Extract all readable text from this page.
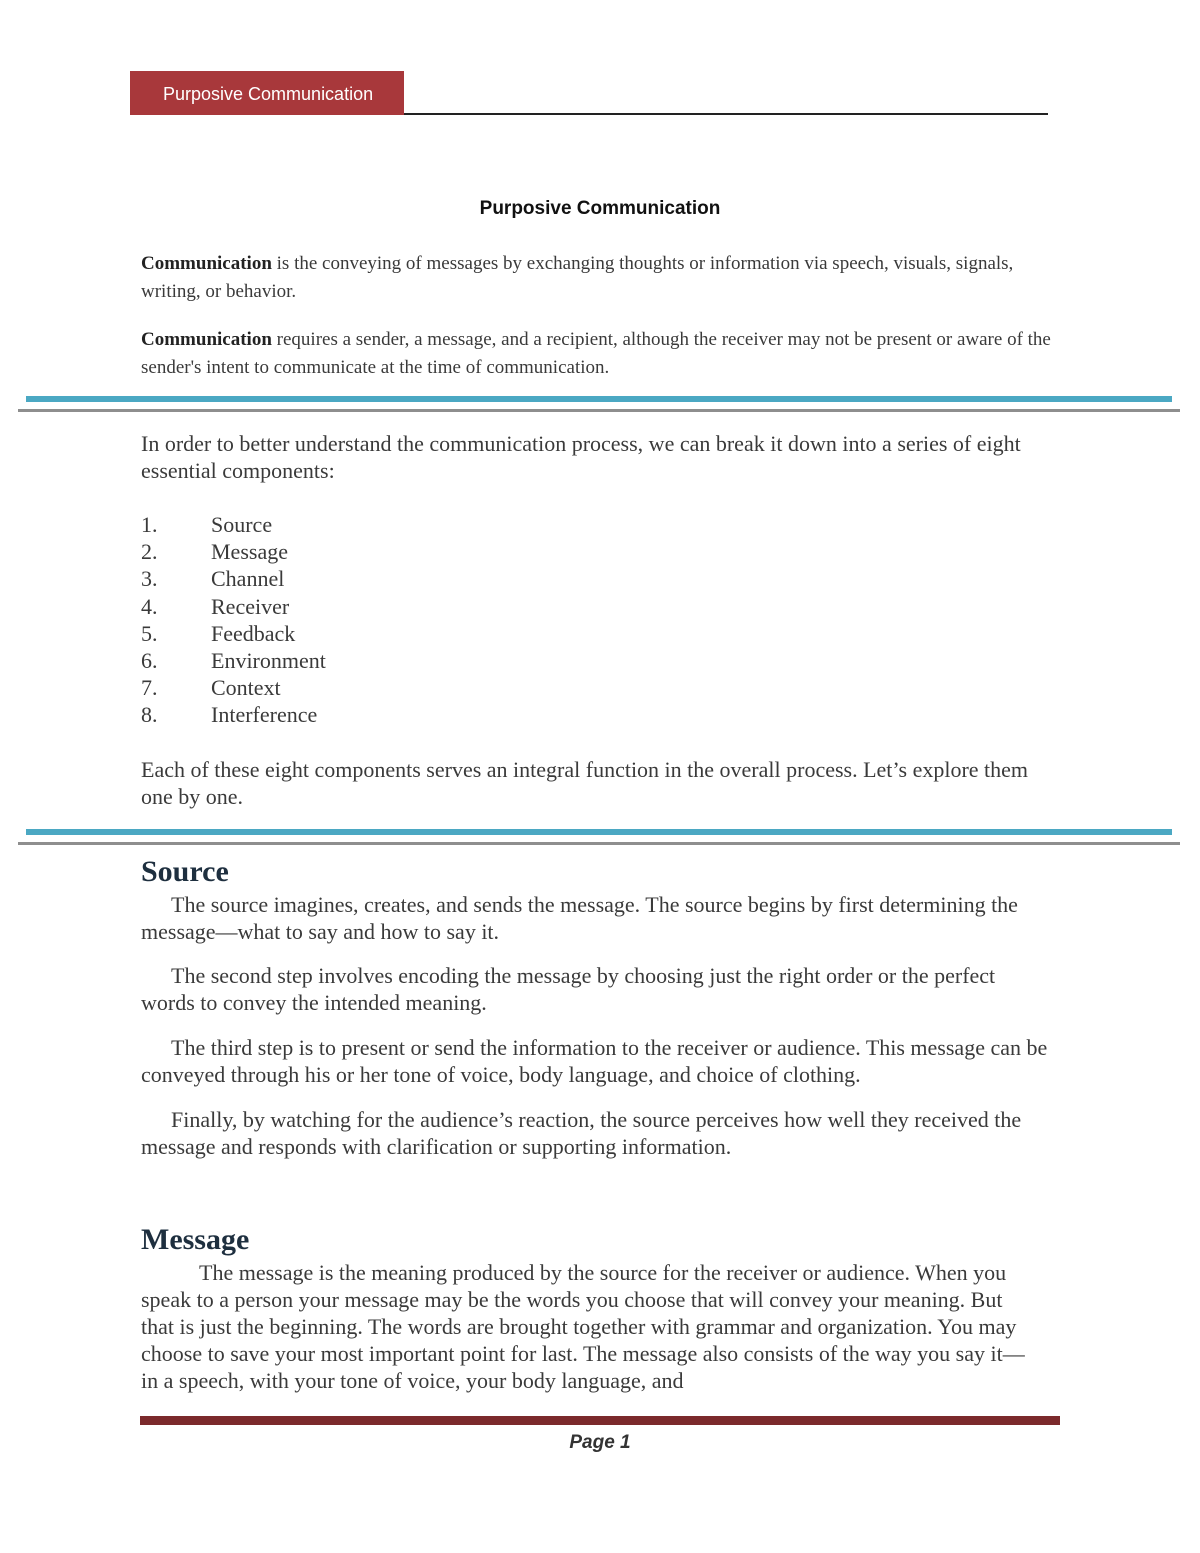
Purposive Communication
Purposive Communication

Communication is the conveying of messages by exchanging thoughts or information via speech, visuals, signals, writing, or behavior.

Communication requires a sender, a message, and a recipient, although the receiver may not be present or aware of the sender's intent to communicate at the time of communication.

In order to better understand the communication process, we can break it down into a series of eight essential components:

1. Source
2. Message
3. Channel
4. Receiver
5. Feedback
6. Environment
7. Context
8. Interference

Each of these eight components serves an integral function in the overall process. Let’s explore them one by one.

Source

The source imagines, creates, and sends the message. The source begins by first determining the message—what to say and how to say it.

The second step involves encoding the message by choosing just the right order or the perfect words to convey the intended meaning.

The third step is to present or send the information to the receiver or audience. This message can be conveyed through his or her tone of voice, body language, and choice of clothing.

Finally, by watching for the audience’s reaction, the source perceives how well they received the message and responds with clarification or supporting information.

Message

The message is the meaning produced by the source for the receiver or audience. When you speak to a person your message may be the words you choose that will convey your meaning. But that is just the beginning. The words are brought together with grammar and organization. You may choose to save your most important point for last. The message also consists of the way you say it—in a speech, with your tone of voice, your body language, and

Page 1
